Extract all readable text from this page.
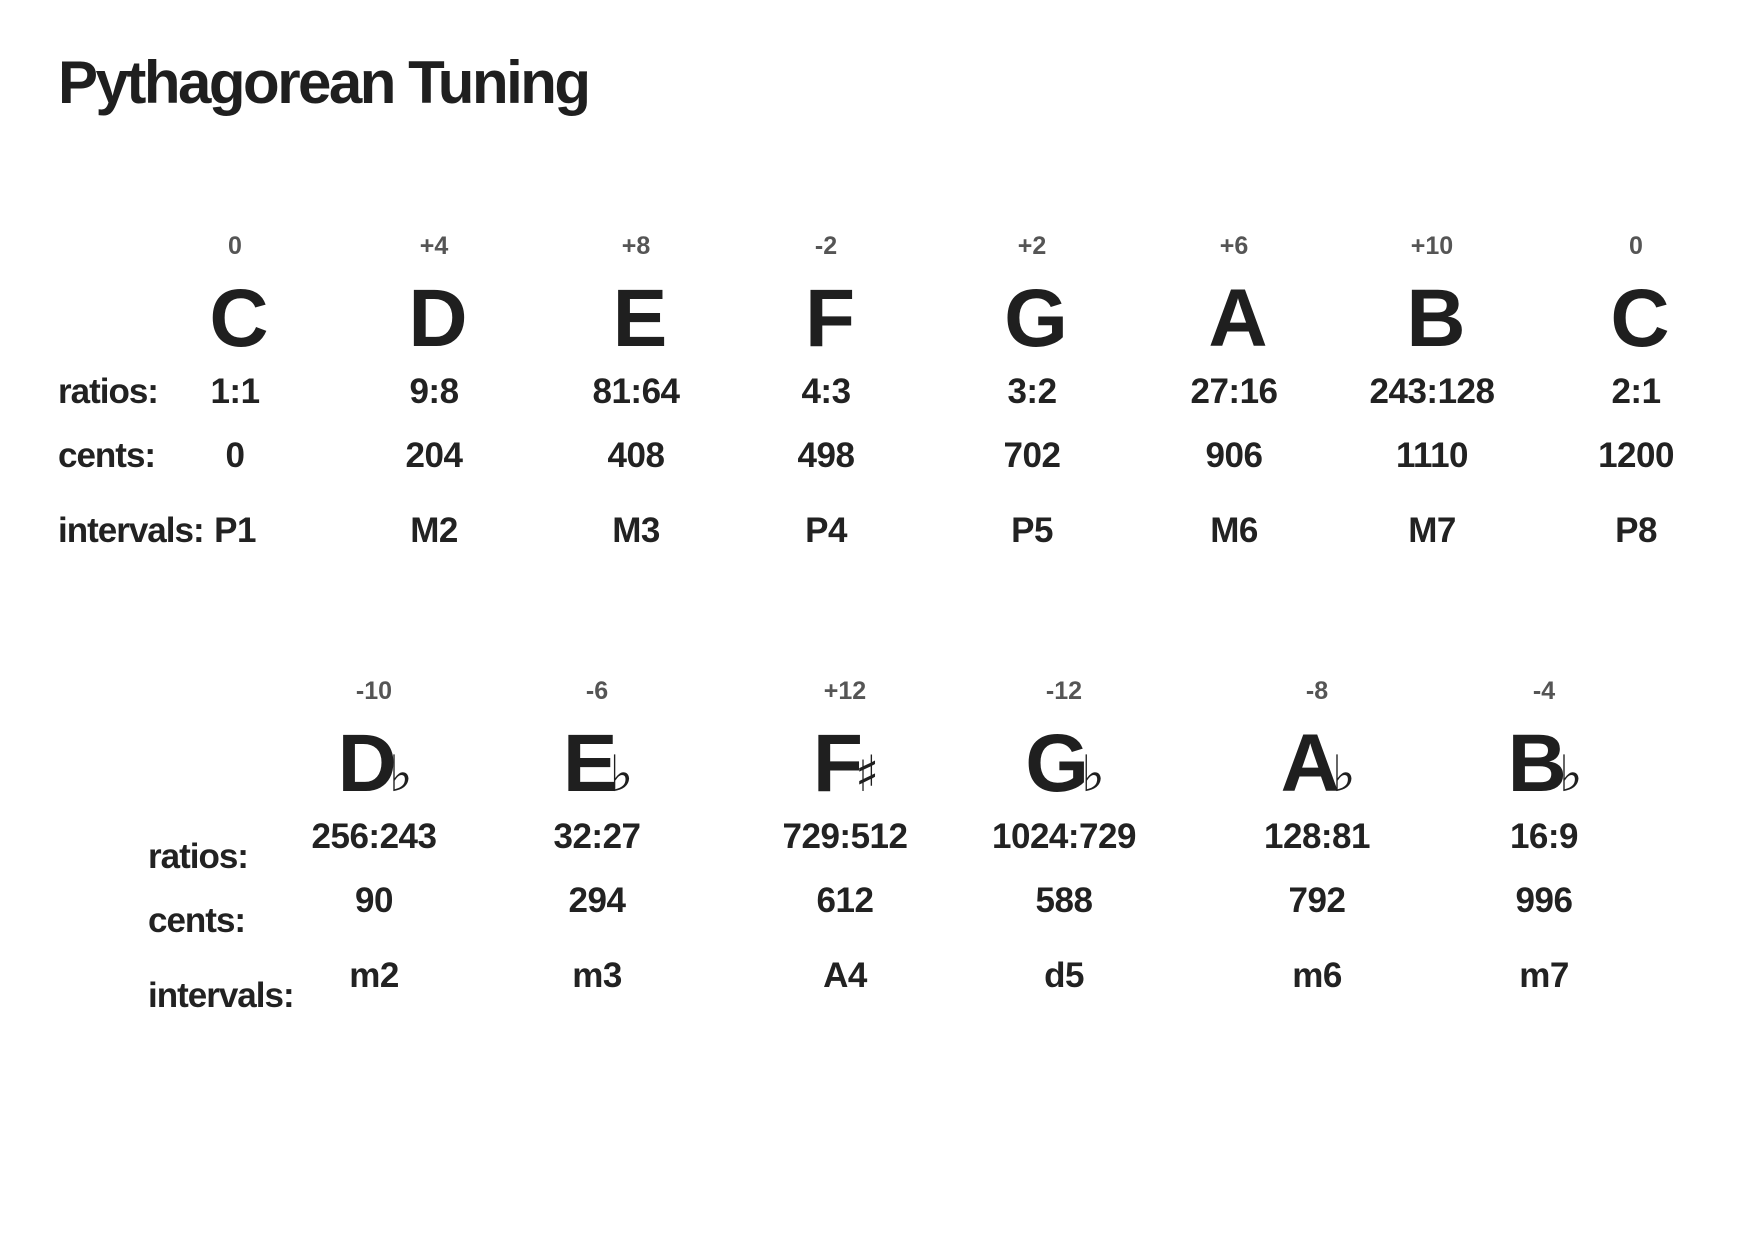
Pythagorean Tuning
ratios:
cents:
intervals:
ratios:
cents:
intervals:
0
C
1:1
0
P1
+4
D
9:8
204
M2
+8
E
81:64
408
M3
-2
F
4:3
498
P4
+2
G
3:2
702
P5
+6
A
27:16
906
M6
+10
B
243:128
1110
M7
0
C
2:1
1200
P8
-10
D♭
256:243
90
m2
-6
E♭
32:27
294
m3
+12
F♯
729:512
612
A4
-12
G♭
1024:729
588
d5
-8
A♭
128:81
792
m6
-4
B♭
16:9
996
m7
